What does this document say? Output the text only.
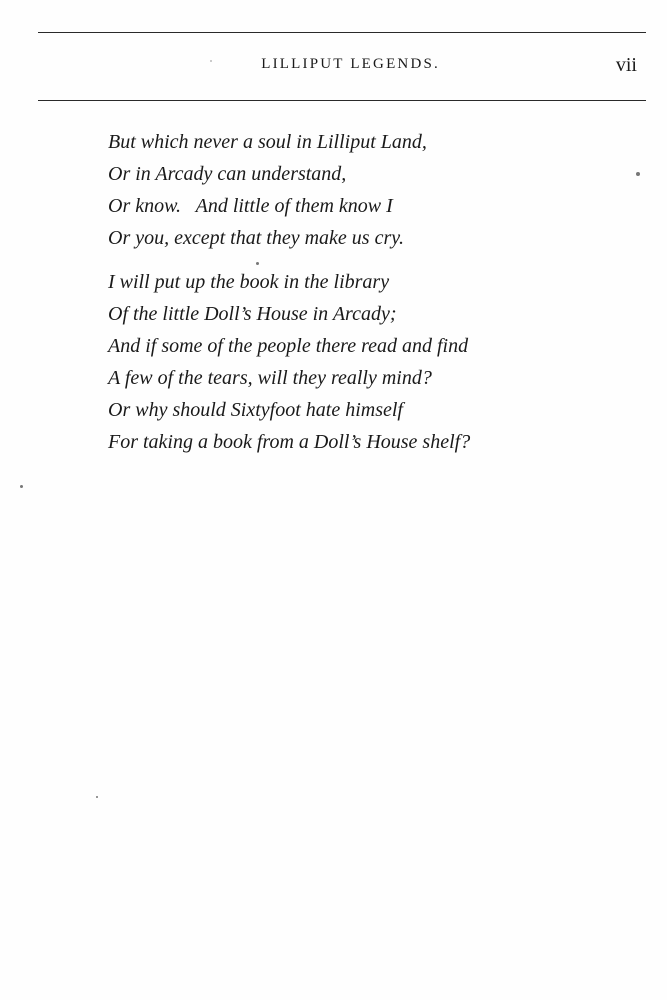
LILLIPUT LEGENDS.	vii
But which never a soul in Lilliput Land,
Or in Arcady can understand,
Or know.   And little of them know I
Or you, except that they make us cry.
I will put up the book in the library
Of the little Doll’s House in Arcady;
And if some of the people there read and find
A few of the tears, will they really mind?
Or why should Sixtyfoot hate himself
For taking a book from a Doll’s House shelf?
